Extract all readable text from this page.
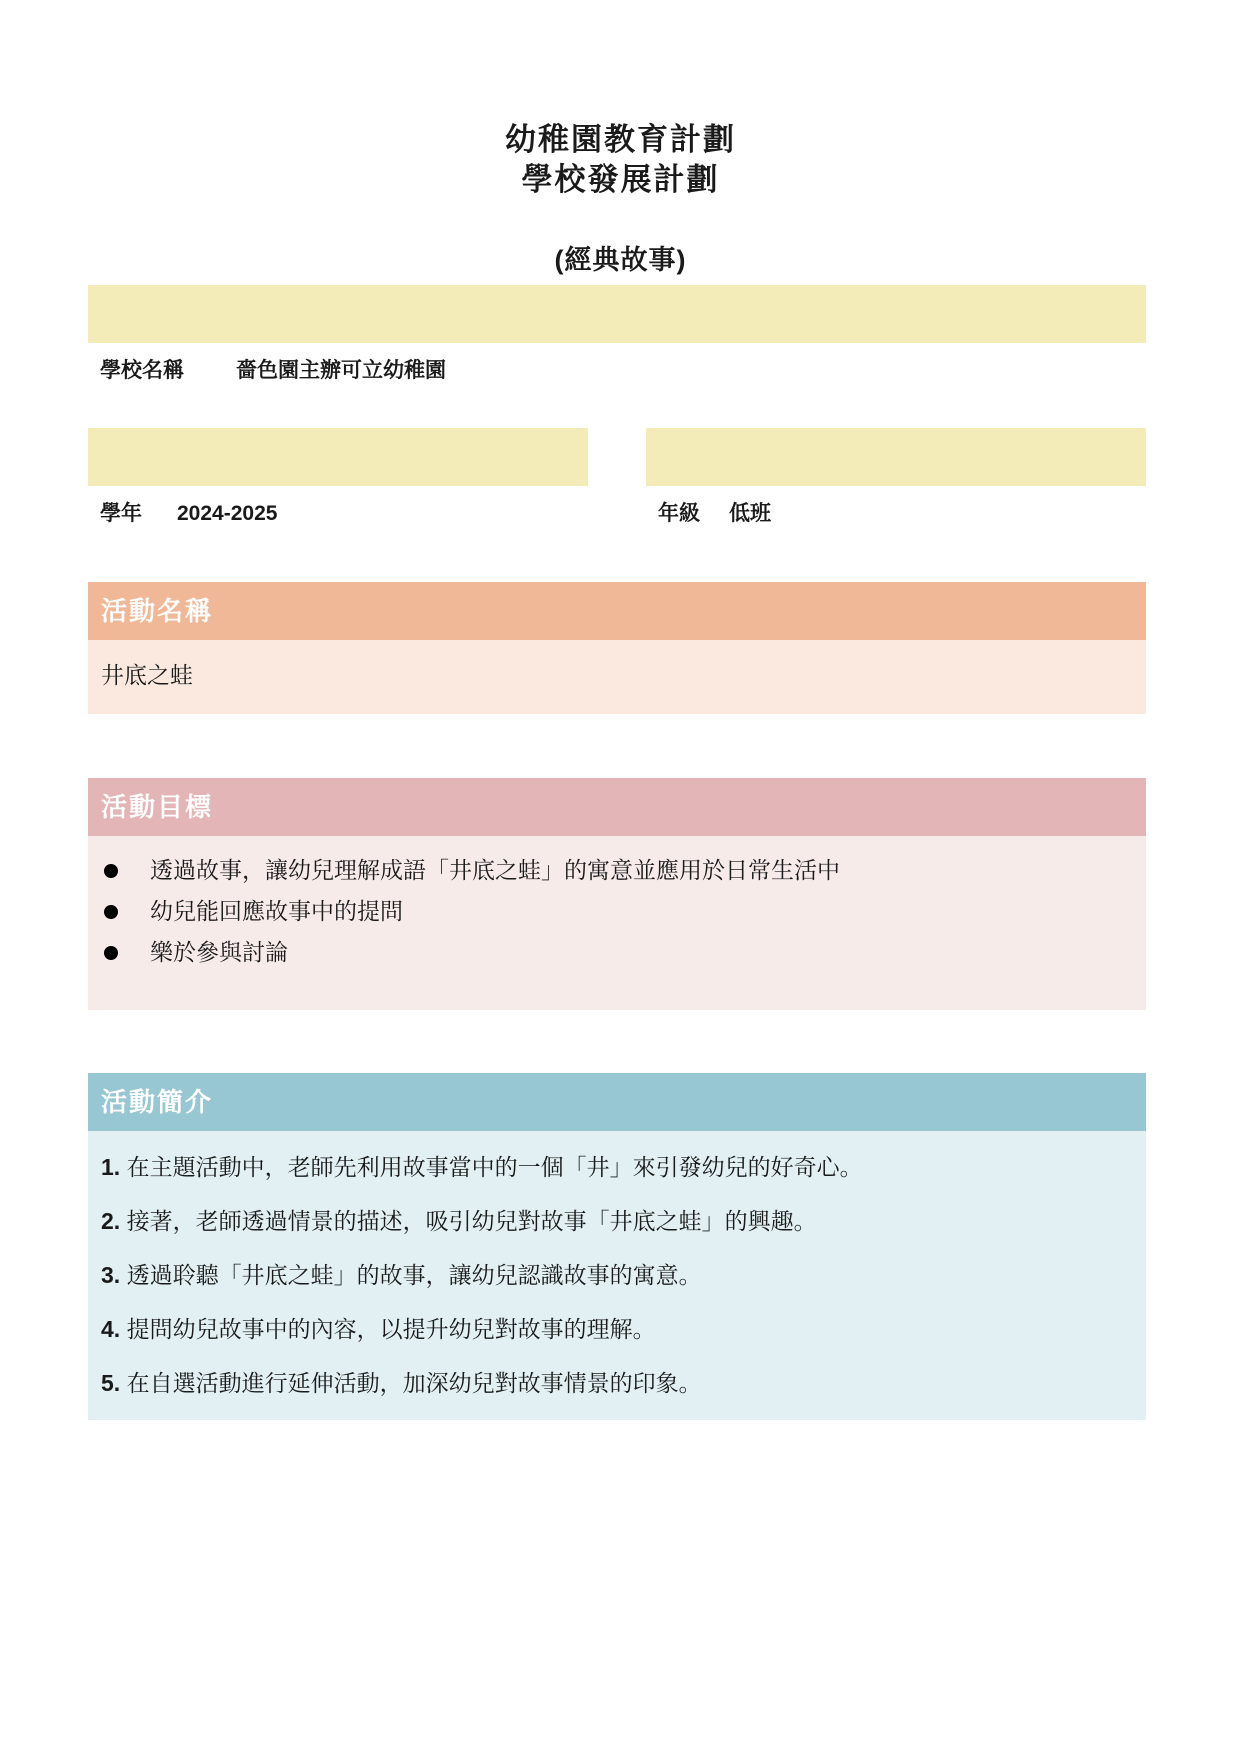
幼稚園教育計劃
學校發展計劃
(經典故事)
學校名稱 嗇色園主辦可立幼稚園
學年 2024-2025	年級 低班
活動名稱
井底之蛙
活動目標
透過故事，讓幼兒理解成語「井底之蛙」的寓意並應用於日常生活中
幼兒能回應故事中的提問
樂於參與討論
活動簡介
1. 在主題活動中，老師先利用故事當中的一個「井」來引發幼兒的好奇心。
2. 接著，老師透過情景的描述，吸引幼兒對故事「井底之蛙」的興趣。
3. 透過聆聽「井底之蛙」的故事，讓幼兒認識故事的寓意。
4. 提問幼兒故事中的內容，以提升幼兒對故事的理解。
5. 在自選活動進行延伸活動，加深幼兒對故事情景的印象。
